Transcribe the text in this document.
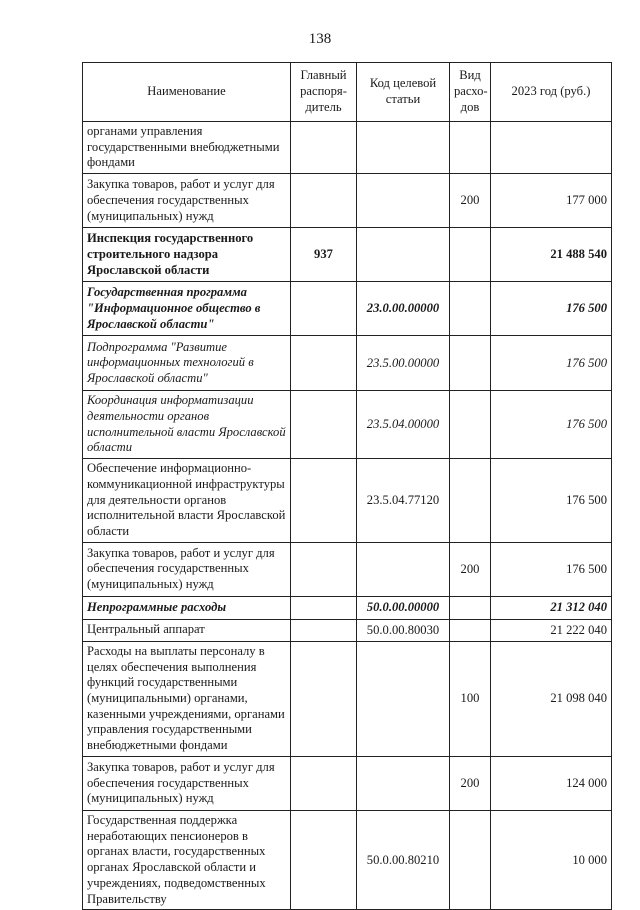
138
Наименование	Главный распоря-дитель	Код целевой статьи	Вид расхо-дов	2023 год (руб.)
органами управления государственными внебюджетными фондами				
Закупка товаров, работ и услуг для обеспечения государственных (муниципальных) нужд			200	177 000
Инспекция государственного строительного надзора Ярославской области	937			21 488 540
Государственная программа "Информационное общество в Ярославской области"		23.0.00.00000		176 500
Подпрограмма "Развитие информационных технологий в Ярославской области"		23.5.00.00000		176 500
Координация информатизации деятельности органов исполнительной власти Ярославской области		23.5.04.00000		176 500
Обеспечение информационно-коммуникационной инфраструктуры для деятельности органов исполнительной власти Ярославской области		23.5.04.77120		176 500
Закупка товаров, работ и услуг для обеспечения государственных (муниципальных) нужд			200	176 500
Непрограммные расходы		50.0.00.00000		21 312 040
Центральный аппарат		50.0.00.80030		21 222 040
Расходы на выплаты персоналу в целях обеспечения выполнения функций государственными (муниципальными) органами, казенными учреждениями, органами управления государственными внебюджетными фондами			100	21 098 040
Закупка товаров, работ и услуг для обеспечения государственных (муниципальных) нужд			200	124 000
Государственная поддержка неработающих пенсионеров в органах власти, государственных органах Ярославской области и учреждениях, подведомственных Правительству		50.0.00.80210		10 000
